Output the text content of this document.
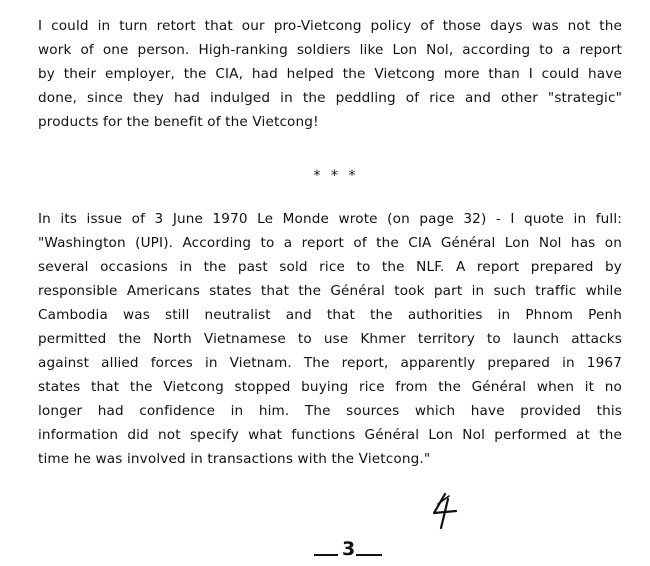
I could in turn retort that our pro-Vietcong policy of those days was not the
work of one person. High-ranking soldiers like Lon Nol, according to a report
by their employer, the CIA, had helped the Vietcong more than I could have
done, since they had indulged in the peddling of rice and other "strategic"
products for the benefit of the Vietcong!
* * *
In its issue of 3 June 1970 Le Monde wrote (on page 32) - I quote in full:
"Washington (UPI). According to a report of the CIA Général Lon Nol has on
several occasions in the past sold rice to the NLF. A report prepared by
responsible Americans states that the Général took part in such traffic while
Cambodia was still neutralist and that the authorities in Phnom Penh
permitted the North Vietnamese to use Khmer territory to launch attacks
against allied forces in Vietnam. The report, apparently prepared in 1967
states that the Vietcong stopped buying rice from the Général when it no
longer had confidence in him. The sources which have provided this
information did not specify what functions Général Lon Nol performed at the
time he was involved in transactions with the Vietcong."
3
